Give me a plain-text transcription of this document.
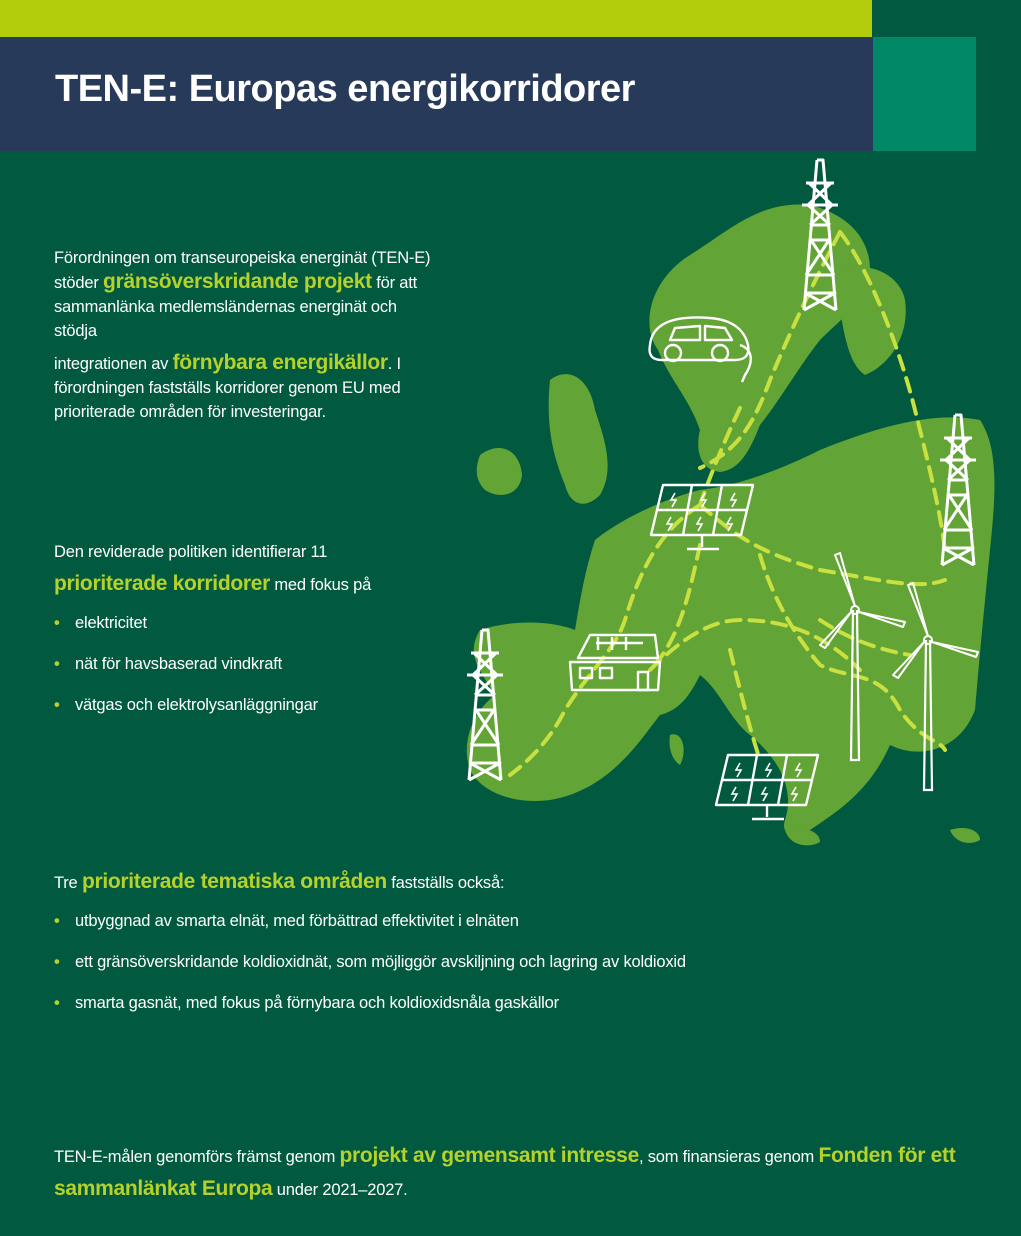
TEN-E: Europas energikorridorer

Förordningen om transeuropeiska energinät (TEN-E)

stöder gränsöverskridande projekt för att

sammanlänka medlemsländernas energinät och

stödja

integrationen av förnybara energikällor. I

förordningen fastställs korridorer genom EU med

prioriterade områden för investeringar.

Den reviderade politiken identifierar 11
prioriterade korridorer med fokus på
• elektricitet
• nät för havsbaserad vindkraft
• vätgas och elektrolysanläggningar
Tre prioriterade tematiska områden fastställs också:
• utbyggnad av smarta elnät, med förbättrad effektivitet i elnäten
• ett gränsöverskridande koldioxidnät, som möjliggör avskiljning och lagring av koldioxid
• smarta gasnät, med fokus på förnybara och koldioxidsnåla gaskällor
TEN-E-målen genomförs främst genom projekt av gemensamt intresse, som finansieras genom Fonden för ett sammanlänkat Europa under 2021–2027.
